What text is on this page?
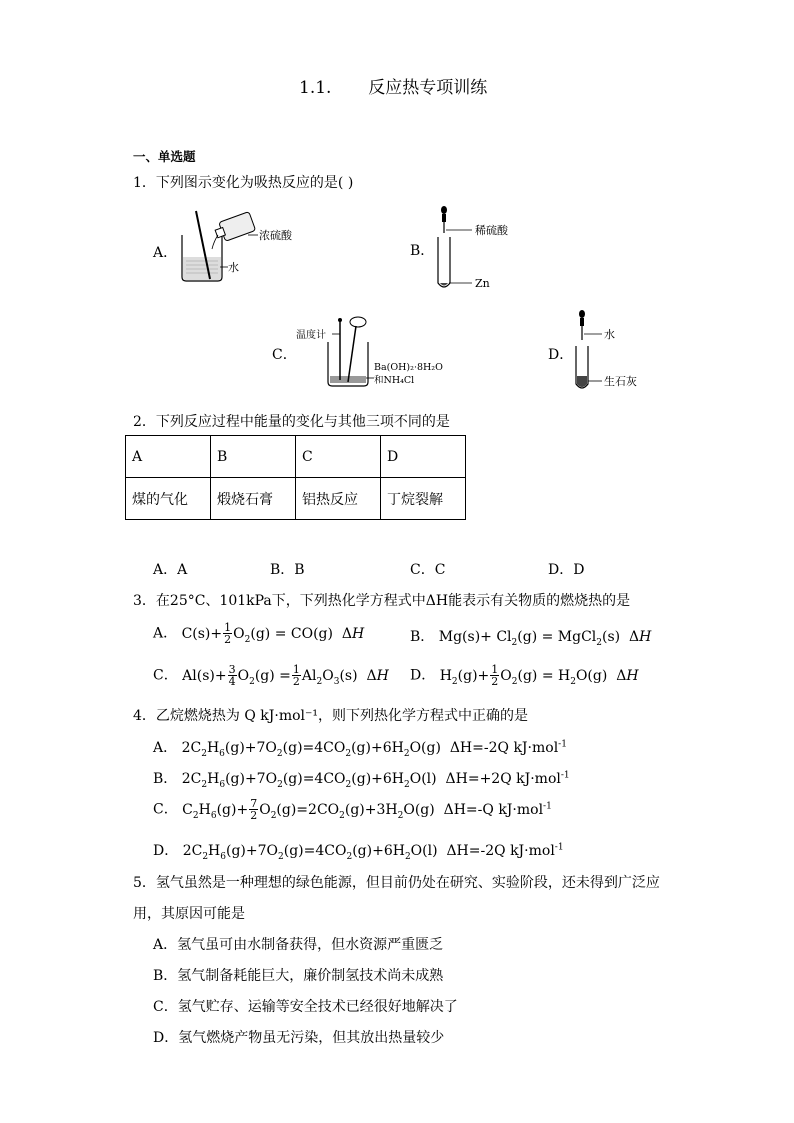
1.1. 反应热专项训练
一、单选题
1．下列图示变化为吸热反应的是( )
A．
浓硫酸
水
B．
稀硫酸
Zn
C．
温度计
Ba(OH)₂·8H₂O
和NH₄Cl
D．
水
生石灰
2．下列反应过程中能量的变化与其他三项不同的是
A	B	C	D
煤的气化	煅烧石膏	铝热反应	丁烷裂解
A．A	B．B	C．C	D．D
3．在25°C、101kPa下，下列热化学方程式中ΔH能表示有关物质的燃烧热的是
A． $C(s)+ \frac{1}{2} O_2(g) = CO(g)$  ΔH	B． $Mg(s)+ Cl_2(g)$ = MgCl$_2$(s)  ΔH
C． $Al(s)+ \frac{3}{4} O_2(g) = \frac{1}{2} Al_2O_3(s)$  ΔH D． $H_2(g)+ \frac{1}{2} O_2(g) = H_2O(g)$  ΔH
4．乙烷燃烧热为 Q kJ·mol⁻¹，则下列热化学方程式中正确的是
A． $2C_2H_6(g)+7O_2(g)=4CO_2(g)+6H_2O(g)$  ΔH=-2Q kJ·mol$^{-1}$
B． $2C_2H_6(g)+7O_2(g)=4CO_2(g)+6H_2O(l)$  ΔH=+2Q kJ·mol$^{-1}$
C． $C_2H_6(g)+ \frac{7}{2} O_2(g)=2CO_2(g)+3H_2O(g)$  ΔH=-Q kJ·mol$^{-1}$
D． $2C_2H_6(g)+7O_2(g)=4CO_2(g)+6H_2O(l)$  ΔH=-2Q kJ·mol$^{-1}$
5．氢气虽然是一种理想的绿色能源，但目前仍处在研究、实验阶段，还未得到广泛应
用，其原因可能是
A．氢气虽可由水制备获得，但水资源严重匮乏
B．氢气制备耗能巨大，廉价制氢技术尚未成熟
C．氢气贮存、运输等安全技术已经很好地解决了
D．氢气燃烧产物虽无污染，但其放出热量较少
